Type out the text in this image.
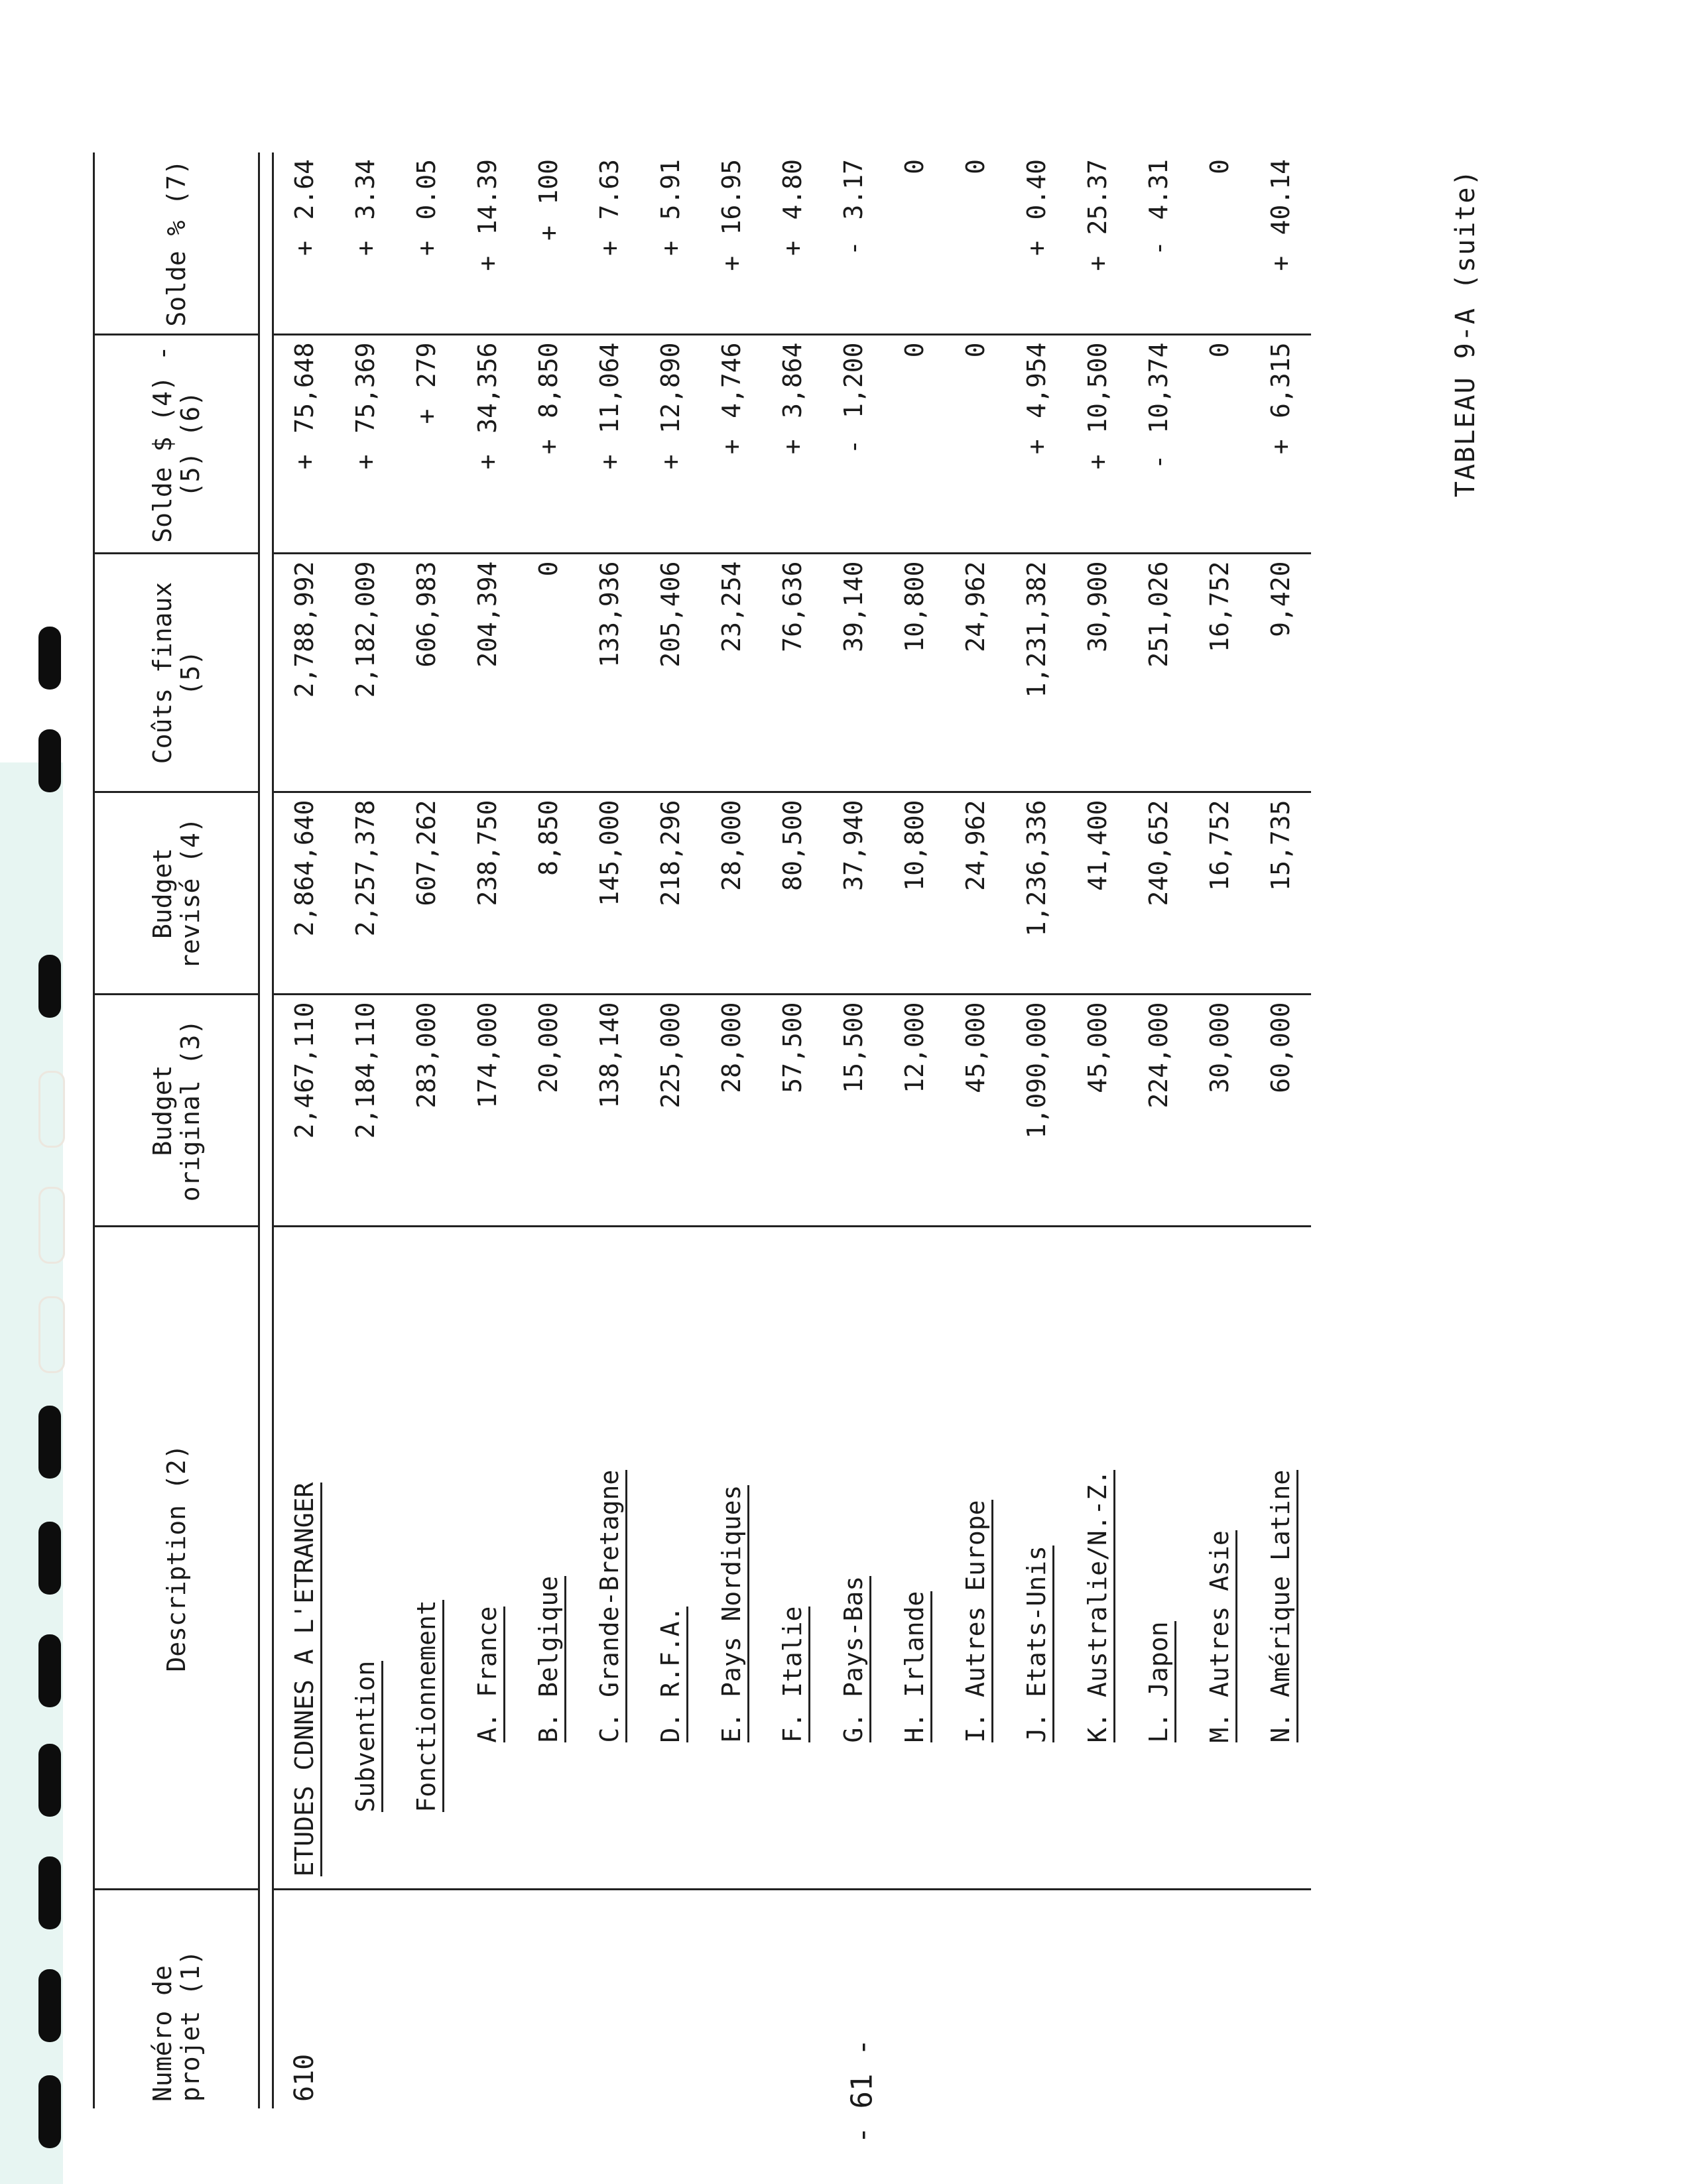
- 61 -
TABLEAU 9-A (suite)
Numéro de projet (1)	Description (2)	Budget original (3)	Budget revisé (4)	Coûts finaux (5)	Solde $ (4) -(5) (6)	Solde % (7)

610	ETUDES CDNNES A L'ETRANGER	2,467,110	2,864,640	2,788,992	+ 75,648	+ 2.64
	Subvention	2,184,110	2,257,378	2,182,009	+ 75,369	+ 3.34
	Fonctionnement	283,000	607,262	606,983	+ 279	+ 0.05
	A. France	174,000	238,750	204,394	+ 34,356	+ 14.39
	B. Belgique	20,000	8,850	0	+ 8,850	+ 100
	C. Grande-Bretagne	138,140	145,000	133,936	+ 11,064	+ 7.63
	D. R.F.A.	225,000	218,296	205,406	+ 12,890	+ 5.91
	E. Pays Nordiques	28,000	28,000	23,254	+ 4,746	+ 16.95
	F. Italie	57,500	80,500	76,636	+ 3,864	+ 4.80
	G. Pays-Bas	15,500	37,940	39,140	- 1,200	- 3.17
	H. Irlande	12,000	10,800	10,800	0	0
	I. Autres Europe	45,000	24,962	24,962	0	0
	J. Etats-Unis	1,090,000	1,236,336	1,231,382	+ 4,954	+ 0.40
	K. Australie/N.-Z.	45,000	41,400	30,900	+ 10,500	+ 25.37
	L. Japon	224,000	240,652	251,026	- 10,374	- 4.31
	M. Autres Asie	30,000	16,752	16,752	0	0
	N. Amérique Latine	60,000	15,735	9,420	+ 6,315	+ 40.14
